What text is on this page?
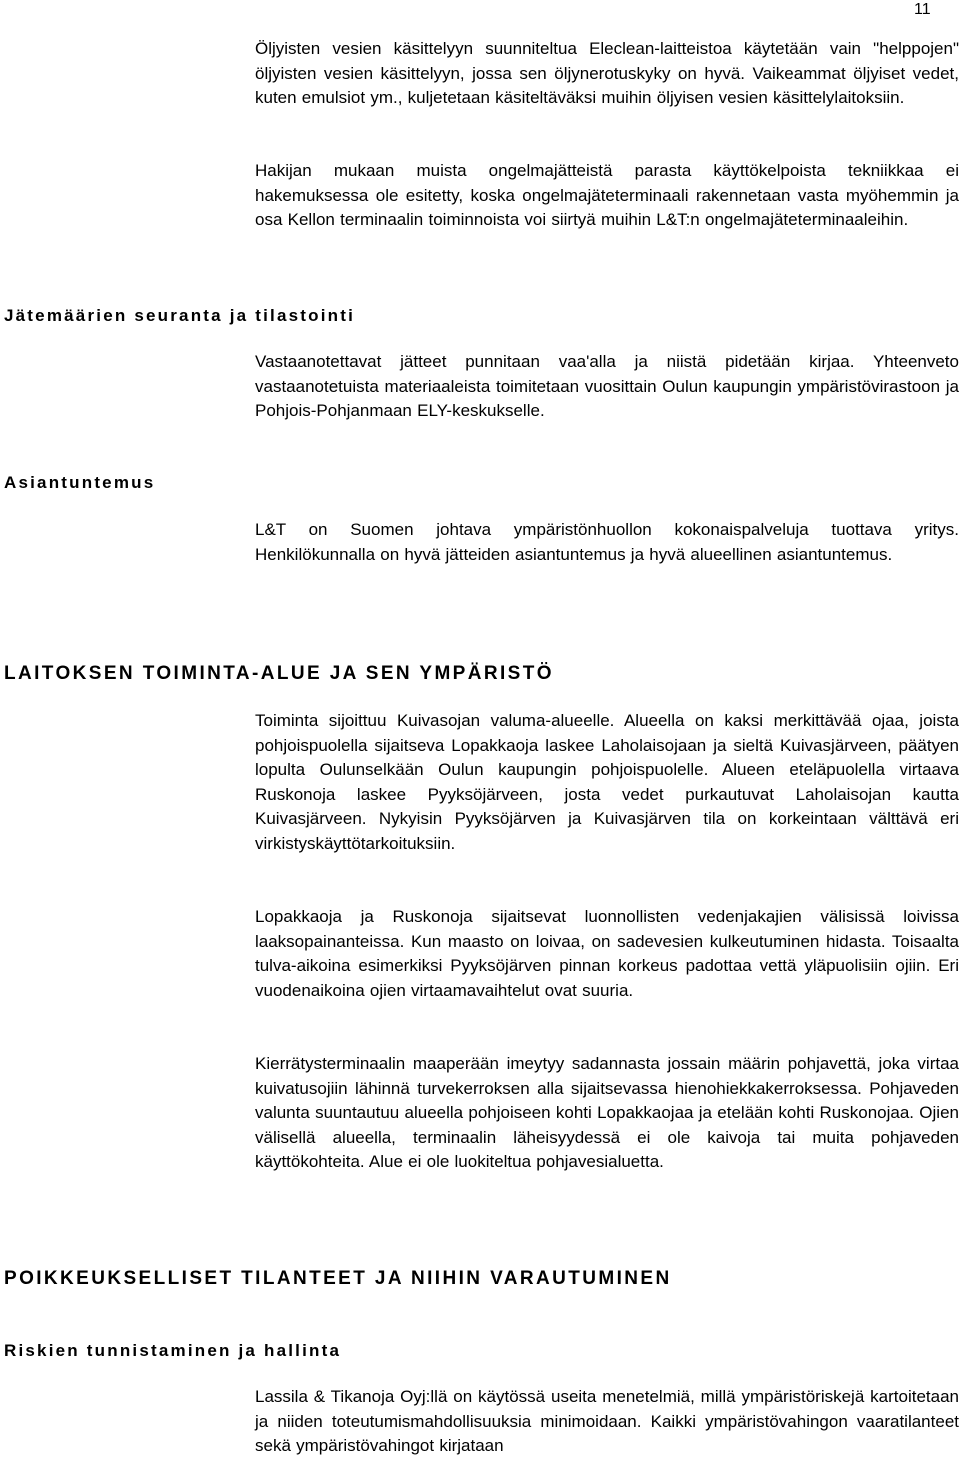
11

Öljyisten vesien käsittelyyn suunniteltua Eleclean-laitteistoa käytetään vain "helppojen" öljyisten vesien käsittelyyn, jossa sen öljynerotuskyky on hyvä. Vaikeammat öljyiset vedet, kuten emulsiot ym., kuljetetaan käsiteltäväksi muihin öljyisen vesien käsittelylaitoksiin.

Hakijan mukaan muista ongelmajätteistä parasta käyttökelpoista tekniikkaa ei hakemuksessa ole esitetty, koska ongelmajäteterminaali rakennetaan vasta myöhemmin ja osa Kellon terminaalin toiminnoista voi siirtyä muihin L&T:n ongelmajäteterminaaleihin.

Jätemäärien seuranta ja tilastointi

Vastaanotettavat jätteet punnitaan vaa'alla ja niistä pidetään kirjaa. Yhteenveto vastaanotetuista materiaaleista toimitetaan vuosittain Oulun kaupungin ympäristövirastoon ja Pohjois-Pohjanmaan ELY-keskukselle.

Asiantuntemus

L&T on Suomen johtava ympäristönhuollon kokonaispalveluja tuottava yritys. Henkilökunnalla on hyvä jätteiden asiantuntemus ja hyvä alueellinen asiantuntemus.

LAITOKSEN TOIMINTA-ALUE JA SEN YMPÄRISTÖ

Toiminta sijoittuu Kuivasojan valuma-alueelle. Alueella on kaksi merkittävää ojaa, joista pohjoispuolella sijaitseva Lopakkaoja laskee Laholaisojaan ja sieltä Kuivasjärveen, päätyen lopulta Oulunselkään Oulun kaupungin pohjoispuolelle. Alueen eteläpuolella virtaava Ruskonoja laskee Pyyksöjärveen, josta vedet purkautuvat Laholaisojan kautta Kuivasjärveen. Nykyisin Pyyksöjärven ja Kuivasjärven tila on korkeintaan välttävä eri virkistyskäyttötarkoituksiin.

Lopakkaoja ja Ruskonoja sijaitsevat luonnollisten vedenjakajien välisissä loivissa laaksopainanteissa. Kun maasto on loivaa, on sadevesien kulkeutuminen hidasta. Toisaalta tulva-aikoina esimerkiksi Pyyksöjärven pinnan korkeus padottaa vettä yläpuolisiin ojiin. Eri vuodenaikoina ojien virtaamavaihtelut ovat suuria.

Kierrätysterminaalin maaperään imeytyy sadannasta jossain määrin pohjavettä, joka virtaa kuivatusojiin lähinnä turvekerroksen alla sijaitsevassa hienohiekkakerroksessa. Pohjaveden valunta suuntautuu alueella pohjoiseen kohti Lopakkaojaa ja etelään kohti Ruskonojaa. Ojien välisellä alueella, terminaalin läheisyydessä ei ole kaivoja tai muita pohjaveden käyttökohteita. Alue ei ole luokiteltua pohjavesialuetta.

POIKKEUKSELLISET TILANTEET JA NIIHIN VARAUTUMINEN
Riskien tunnistaminen ja hallinta

Lassila & Tikanoja Oyj:llä on käytössä useita menetelmiä, millä ympäristöriskejä kartoitetaan ja niiden toteutumismahdollisuuksia minimoidaan. Kaikki ympäristövahingon vaaratilanteet sekä ympäristövahingot kirjataan
